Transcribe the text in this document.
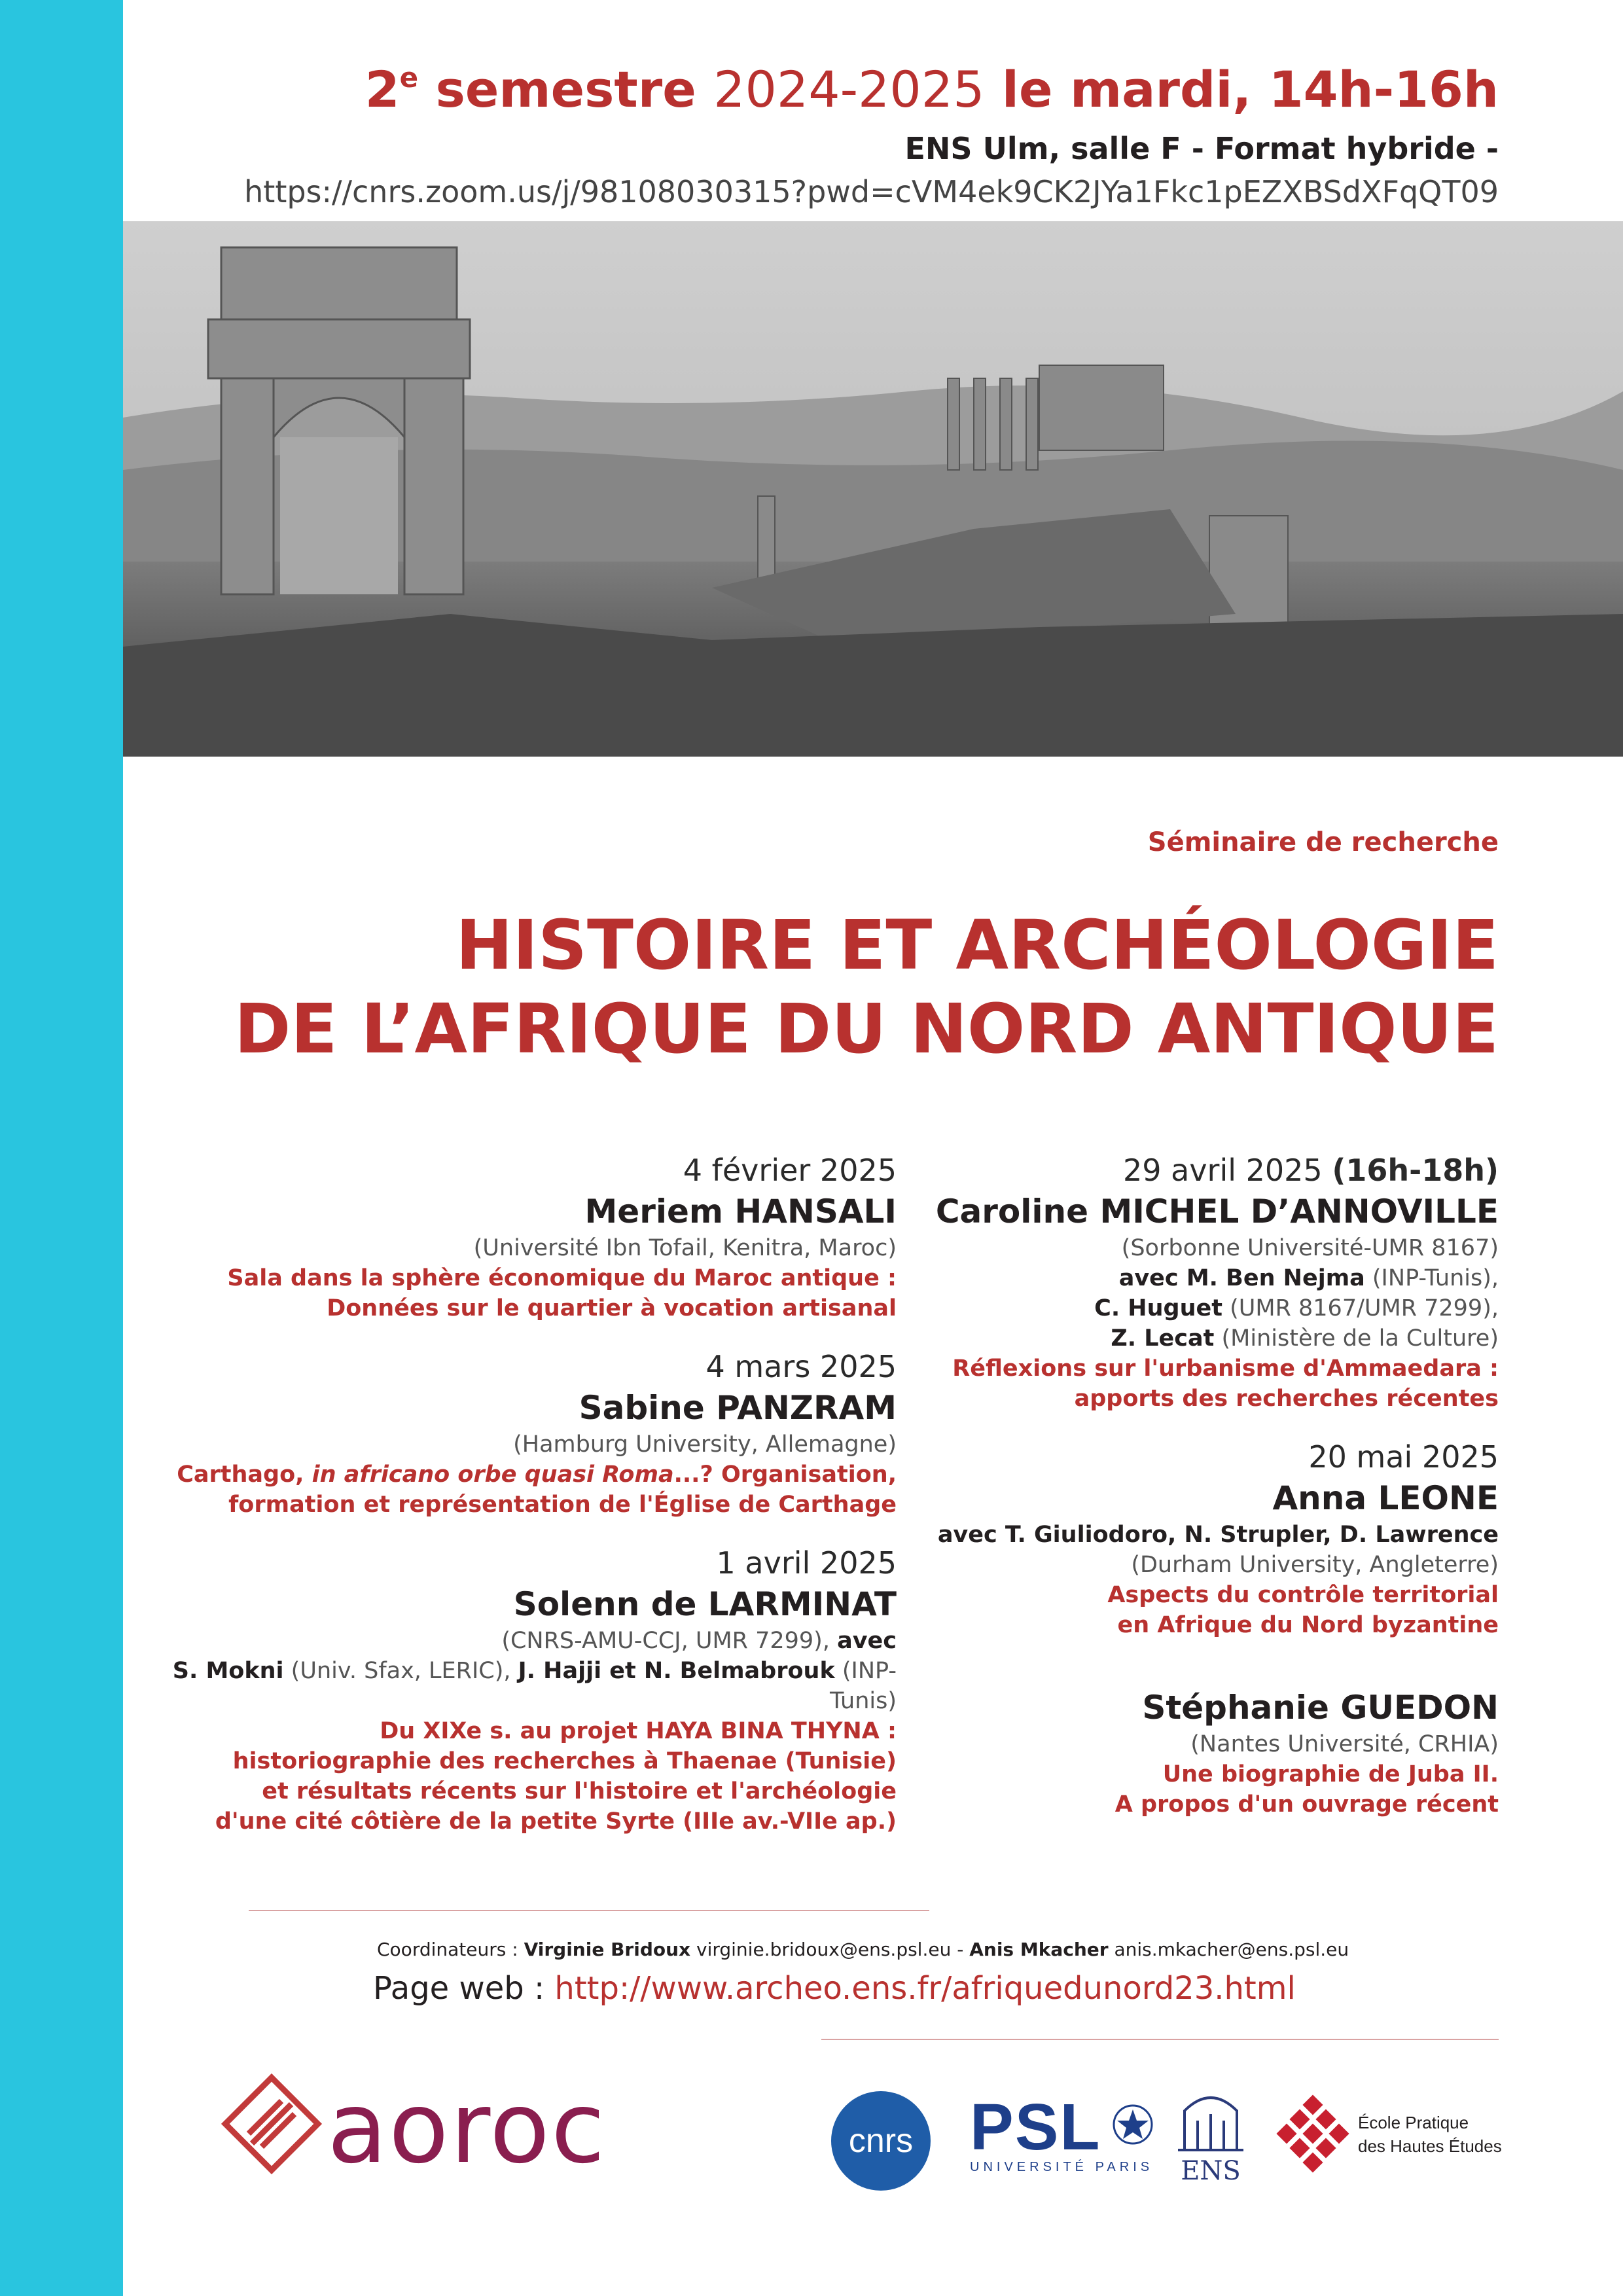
2e semestre 2024-2025 le mardi, 14h-16h
ENS Ulm, salle F - Format hybride -
https://cnrs.zoom.us/j/98108030315?pwd=cVM4ek9CK2JYa1Fkc1pEZXBSdXFqQT09
Séminaire de recherche
HISTOIRE ET ARCHÉOLOGIE
DE L’AFRIQUE DU NORD ANTIQUE
4 février 2025
Meriem HANSALI
(Université Ibn Tofail, Kenitra, Maroc)
Sala dans la sphère économique du Maroc antique :
Données sur le quartier à vocation artisanal
4 mars 2025
Sabine PANZRAM
(Hamburg University, Allemagne)
Carthago, in africano orbe quasi Roma...? Organisation,
formation et représentation de l'Église de Carthage
1 avril 2025
Solenn de LARMINAT
(CNRS-AMU-CCJ, UMR 7299), avec
S. Mokni (Univ. Sfax, LERIC), J. Hajji et N. Belmabrouk (INP-Tunis)
Du XIXe s. au projet HAYA BINA THYNA :
historiographie des recherches à Thaenae (Tunisie)
et résultats récents sur l'histoire et l'archéologie
d'une cité côtière de la petite Syrte (IIIe av.-VIIe ap.)
29 avril 2025 (16h-18h)
Caroline MICHEL D’ANNOVILLE
(Sorbonne Université-UMR 8167)
avec M. Ben Nejma (INP-Tunis),
C. Huguet (UMR 8167/UMR 7299),
Z. Lecat (Ministère de la Culture)
Réflexions sur l'urbanisme d'Ammaedara :
apports des recherches récentes
20 mai 2025
Anna LEONE
avec T. Giuliodoro, N. Strupler, D. Lawrence
(Durham University, Angleterre)
Aspects du contrôle territorial
en Afrique du Nord byzantine
Stéphanie GUEDON
(Nantes Université, CRHIA)
Une biographie de Juba II.
A propos d'un ouvrage récent
Coordinateurs : Virginie Bridoux virginie.bridoux@ens.psl.eu - Anis Mkacher anis.mkacher@ens.psl.eu
Page web : http://www.archeo.ens.fr/afriquedunord23.html
aoroc	cnrs PSL
UNIVERSITÉ PARIS	ENS
École Pratique
des Hautes Études
